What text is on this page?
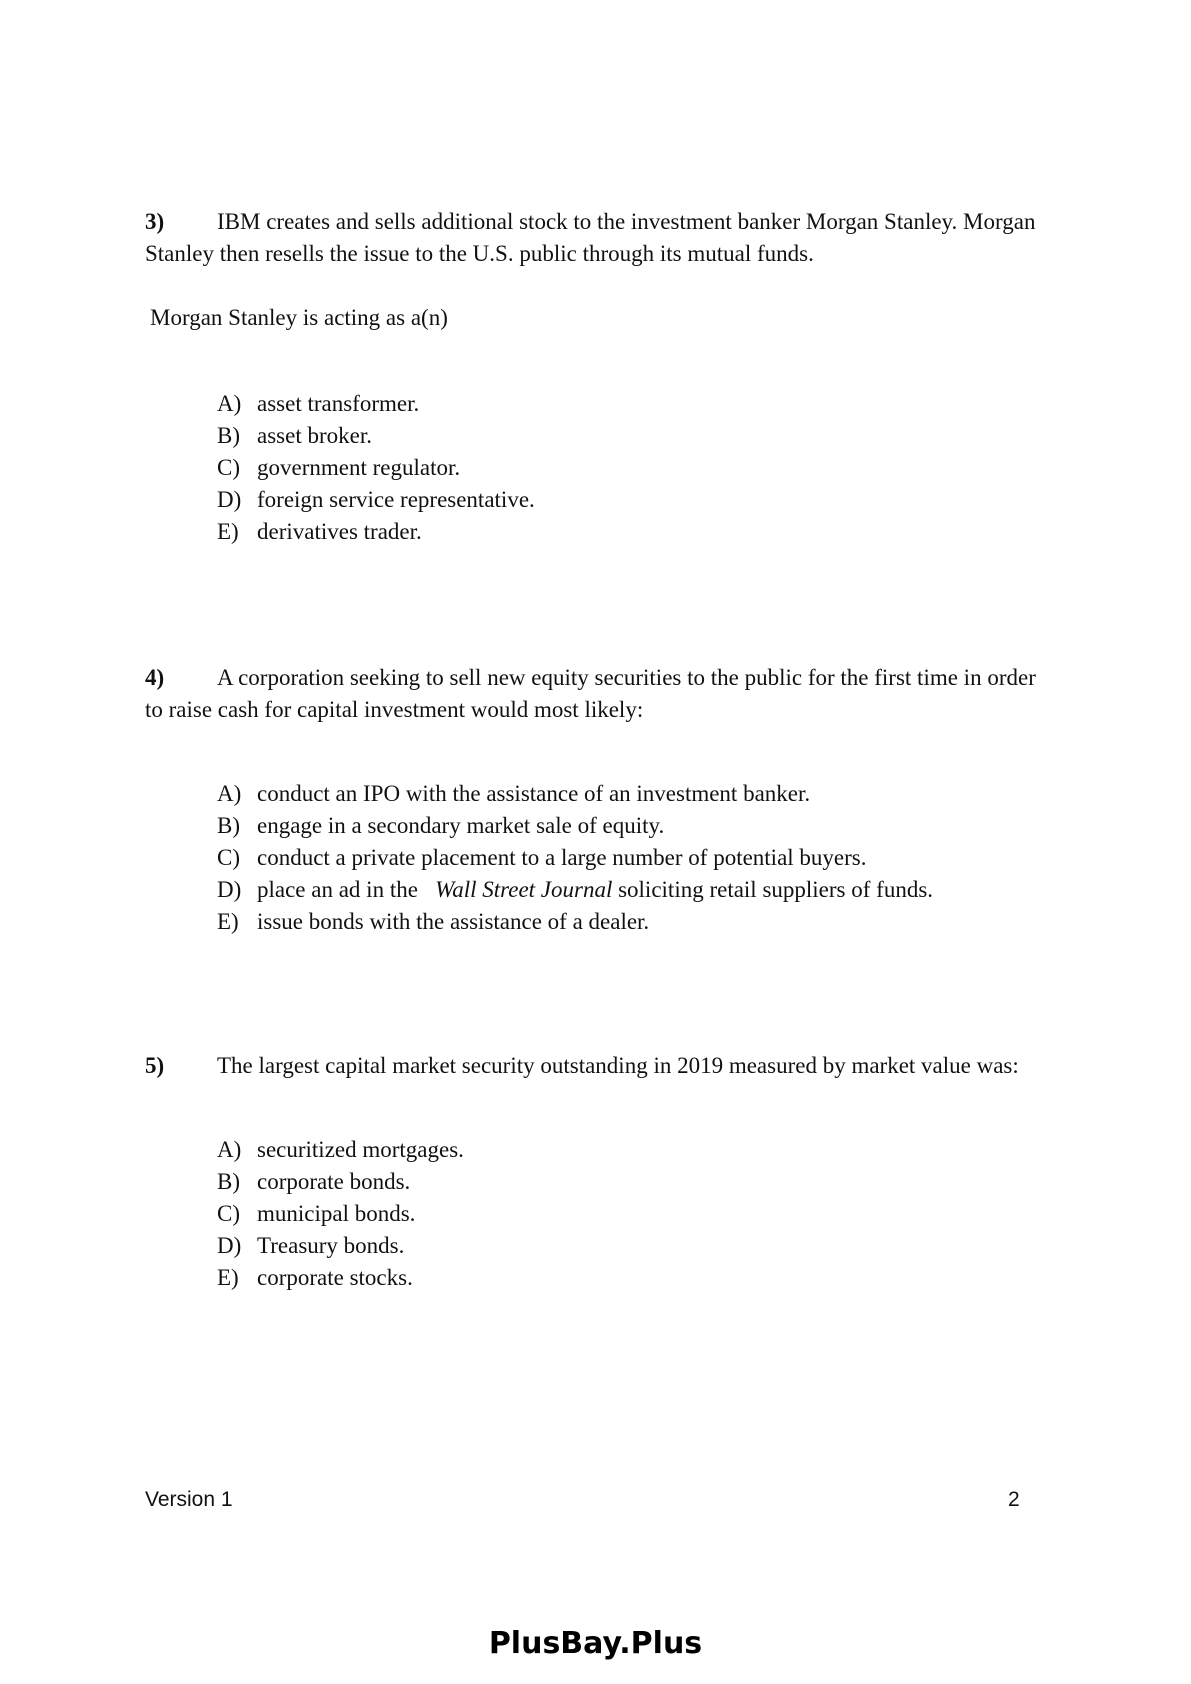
3) IBM creates and sells additional stock to the investment banker Morgan Stanley. Morgan
Stanley then resells the issue to the U.S. public through its mutual funds.
Morgan Stanley is acting as a(n)
A) asset transformer.
B) asset broker.
C) government regulator.
D) foreign service representative.
E) derivatives trader.
4) A corporation seeking to sell new equity securities to the public for the first time in order
to raise cash for capital investment would most likely:
A) conduct an IPO with the assistance of an investment banker.
B) engage in a secondary market sale of equity.
C) conduct a private placement to a large number of potential buyers.
D) place an ad in the Wall Street Journal soliciting retail suppliers of funds.
E) issue bonds with the assistance of a dealer.
5) The largest capital market security outstanding in 2019 measured by market value was:
A) securitized mortgages.
B) corporate bonds.
C) municipal bonds.
D) Treasury bonds.
E) corporate stocks.
Version 1	2
PlusBay.Plus
